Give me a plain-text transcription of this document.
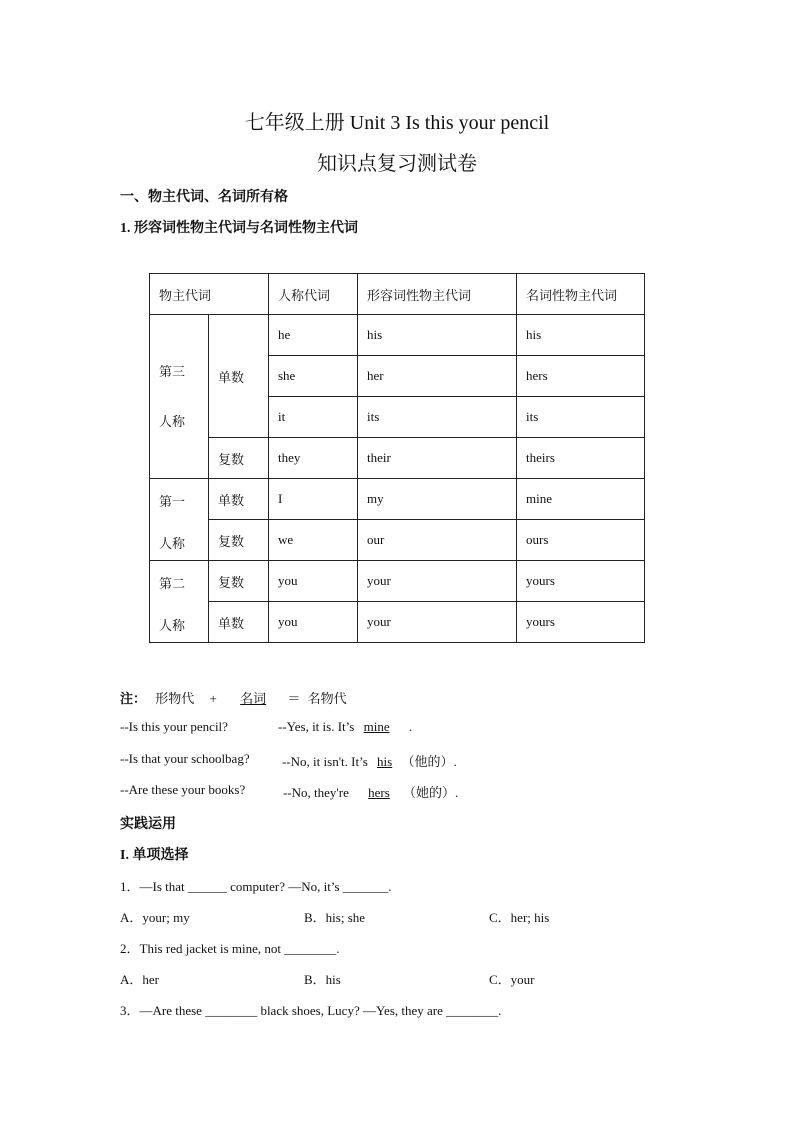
七年级上册 Unit 3 Is this your pencil
知识点复习测试卷
一、物主代词、名词所有格
1. 形容词性物主代词与名词性物主代词
物主代词		人称代词	形容词性物主代词	名词性物主代词

第三
人称	单数	he	his	his
		she	her	hers
		it	its	its
	复数	they	their	theirs

第一
人称	单数	I	my	mine
	复数	we	our	ours

第二
人称	复数	you	your	yours
	单数	you	your	yours
注： 形物代 + 名词 ＝ 名物代
--Is this your pencil?	--Yes, it is. It’s mine .
--Is that your schoolbag? --No, it isn't. It’s his （他的）.
--Are these your books?	--No, they're hers （她的）.
实践运用
I. 单项选择
1．—Is that ______ computer? —No, it’s _______.
A．your; my	B．his; she	C．her; his
2．This red jacket is mine, not ________.
A．her	B．his	C．your
3．—Are these ________ black shoes, Lucy? —Yes, they are ________.
